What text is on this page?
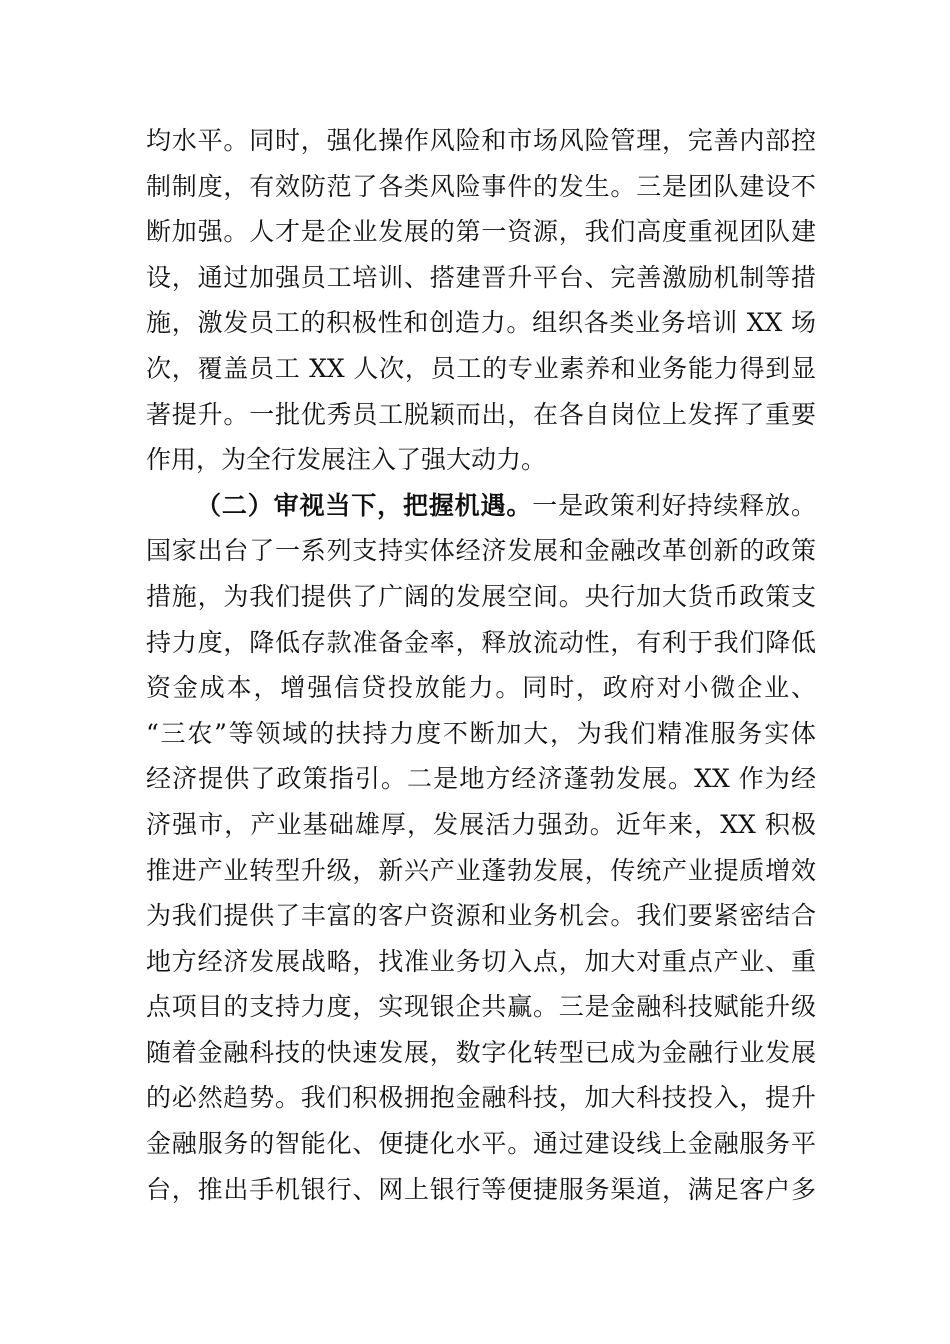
均水平。同时，强化操作风险和市场风险管理，完善内部控
制制度，有效防范了各类风险事件的发生。三是团队建设不
断加强。人才是企业发展的第一资源，我们高度重视团队建
设，通过加强员工培训、搭建晋升平台、完善激励机制等措
施，激发员工的积极性和创造力。组织各类业务培训 XX 场
次，覆盖员工 XX 人次，员工的专业素养和业务能力得到显
著提升。一批优秀员工脱颖而出，在各自岗位上发挥了重要
作用，为全行发展注入了强大动力。
（二）审视当下，把握机遇。一是政策利好持续释放。
国家出台了一系列支持实体经济发展和金融改革创新的政策
措施，为我们提供了广阔的发展空间。央行加大货币政策支
持力度，降低存款准备金率，释放流动性，有利于我们降低
资金成本，增强信贷投放能力。同时，政府对小微企业、
“三农”等领域的扶持力度不断加大，为我们精准服务实体
经济提供了政策指引。二是地方经济蓬勃发展。XX 作为经
济强市，产业基础雄厚，发展活力强劲。近年来，XX 积极
推进产业转型升级，新兴产业蓬勃发展，传统产业提质增效
为我们提供了丰富的客户资源和业务机会。我们要紧密结合
地方经济发展战略，找准业务切入点，加大对重点产业、重
点项目的支持力度，实现银企共赢。三是金融科技赋能升级
随着金融科技的快速发展，数字化转型已成为金融行业发展
的必然趋势。我们积极拥抱金融科技，加大科技投入，提升
金融服务的智能化、便捷化水平。通过建设线上金融服务平
台，推出手机银行、网上银行等便捷服务渠道，满足客户多
